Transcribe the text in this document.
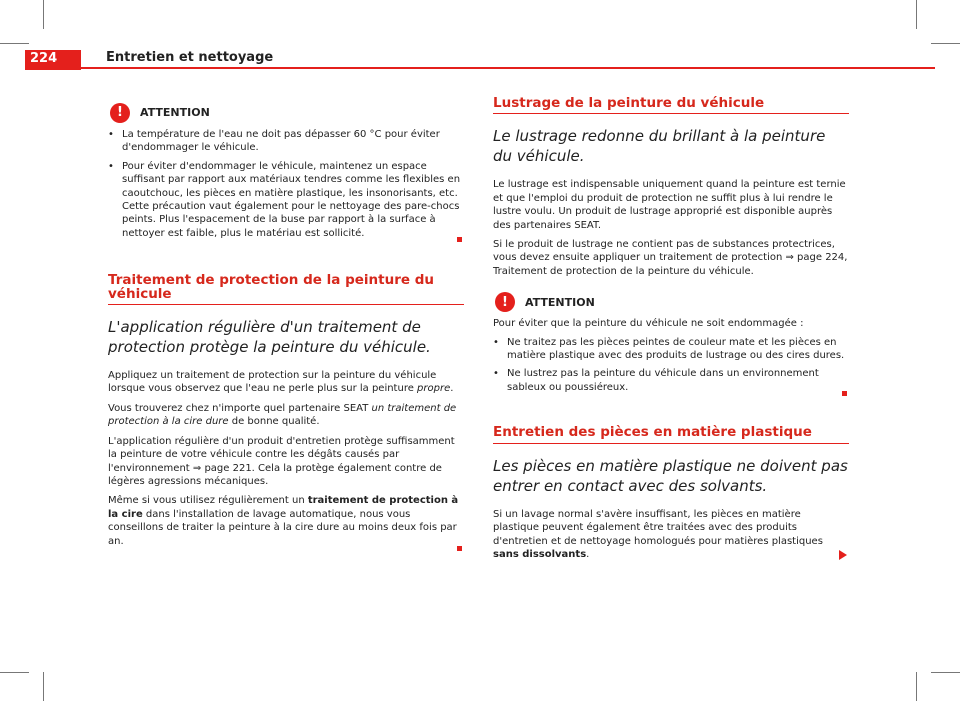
224	Entretien et nettoyage
!	ATTENTION
• La température de l'eau ne doit pas dépasser 60 °C pour éviter d'endommager le véhicule.
• Pour éviter d'endommager le véhicule, maintenez un espace suffisant par rapport aux matériaux tendres comme les flexibles en caoutchouc, les pièces en matière plastique, les insonorisants, etc. Cette précaution vaut également pour le nettoyage des pare-chocs peints. Plus l'espacement de la buse par rapport à la surface à nettoyer est faible, plus le matériau est sollicité.
Traitement de protection de la peinture du véhicule
L'application régulière d'un traitement de protection protège la peinture du véhicule.

Appliquez un traitement de protection sur la peinture du véhicule lorsque vous observez que l'eau ne perle plus sur la peinture propre.

Vous trouverez chez n'importe quel partenaire SEAT un traitement de protection à la cire dure de bonne qualité.

L'application régulière d'un produit d'entretien protège suffisamment la peinture de votre véhicule contre les dégâts causés par l'environnement ⇒ page 221. Cela la protège également contre de légères agressions mécaniques.

Même si vous utilisez régulièrement un traitement de protection à la cire dans l'installation de lavage automatique, nous vous conseillons de traiter la peinture à la cire dure au moins deux fois par an.

Lustrage de la peinture du véhicule
Le lustrage redonne du brillant à la peinture du véhicule.

Le lustrage est indispensable uniquement quand la peinture est ternie et que l'emploi du produit de protection ne suffit plus à lui rendre le lustre voulu. Un produit de lustrage approprié est disponible auprès des partenaires SEAT.

Si le produit de lustrage ne contient pas de substances protectrices, vous devez ensuite appliquer un traitement de protection ⇒ page 224, Traitement de protection de la peinture du véhicule.

!	ATTENTION

Pour éviter que la peinture du véhicule ne soit endommagée :

• Ne traitez pas les pièces peintes de couleur mate et les pièces en matière plastique avec des produits de lustrage ou des cires dures.
• Ne lustrez pas la peinture du véhicule dans un environnement sableux ou poussiéreux.
Entretien des pièces en matière plastique
Les pièces en matière plastique ne doivent pas entrer en contact avec des solvants.

Si un lavage normal s'avère insuffisant, les pièces en matière plastique peuvent également être traitées avec des produits d'entretien et de nettoyage homologués pour matières plastiques sans dissolvants.
